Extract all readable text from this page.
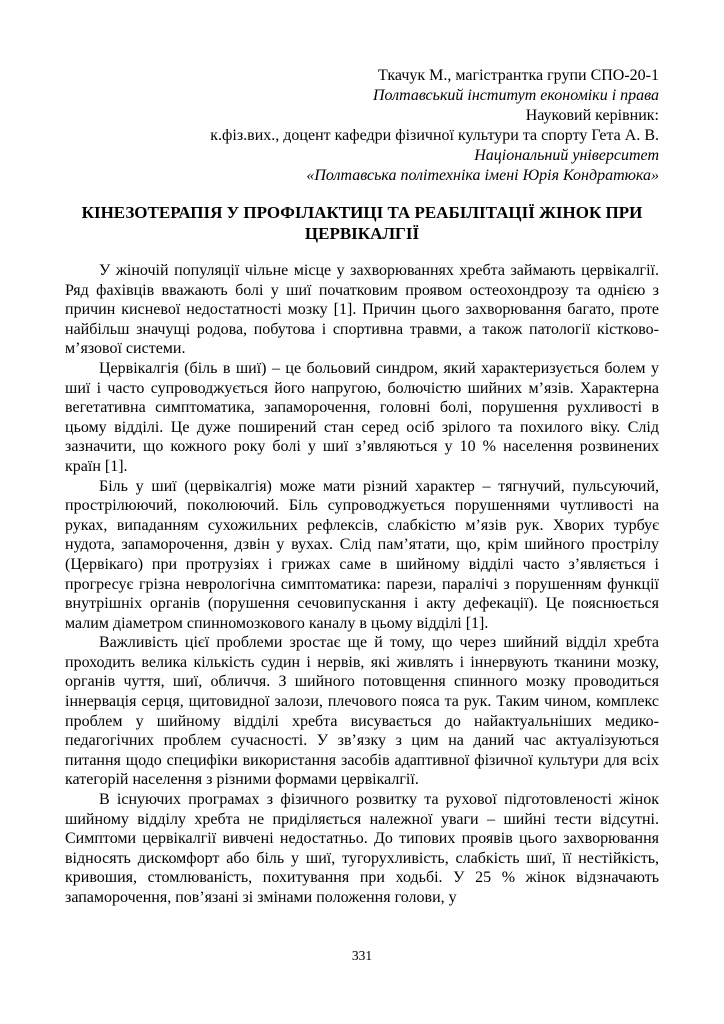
Ткачук М., магістрантка групи СПО-20-1
Полтавський інститут економіки і права
Науковий керівник:
к.фіз.вих., доцент кафедри фізичної культури та спорту Гета А. В.
Національний університет
«Полтавська політехніка імені Юрія Кондратюка»
КІНЕЗОТЕРАПІЯ У ПРОФІЛАКТИЦІ ТА РЕАБІЛІТАЦІЇ ЖІНОК ПРИ
ЦЕРВІКАЛГІЇ

У жіночій популяції чільне місце у захворюваннях хребта займають цервікалгії. Ряд фахівців вважають болі у шиї початковим проявом остеохондрозу та однією з причин кисневої недостатності мозку [1]. Причин цього захворювання багато, проте найбільш значущі родова, побутова і спортивна травми, а також патології кістково-м’язової системи.

Цервікалгія (біль в шиї) – це больовий синдром, який характеризується болем у шиї і часто супроводжується його напругою, болючістю шийних м’язів. Характерна вегетативна симптоматика, запаморочення, головні болі, порушення рухливості в цьому відділі. Це дуже поширений стан серед осіб зрілого та похилого віку. Слід зазначити, що кожного року болі у шиї з’являються у 10 % населення розвинених країн [1].

Біль у шиї (цервікалгія) може мати різний характер – тягнучий, пульсуючий, прострілюючий, поколюючий. Біль супроводжується порушеннями чутливості на руках, випаданням сухожильних рефлексів, слабкістю м’язів рук. Хворих турбує нудота, запаморочення, дзвін у вухах. Слід пам’ятати, що, крім шийного прострілу (Цервікаго) при протрузіях і грижах саме в шийному відділі часто з’являється і прогресує грізна неврологічна симптоматика: парези, паралічі з порушенням функції внутрішніх органів (порушення сечовипускання і акту дефекації). Це пояснюється малим діаметром спинномозкового каналу в цьому відділі [1].

Важливість цієї проблеми зростає ще й тому, що через шийний відділ хребта проходить велика кількість судин і нервів, які живлять і іннервують тканини мозку, органів чуття, шиї, обличчя. З шийного потовщення спинного мозку проводиться іннервація серця, щитовидної залози, плечового пояса та рук. Таким чином, комплекс проблем у шийному відділі хребта висувається до найактуальніших медико-педагогічних проблем сучасності. У зв’язку з цим на даний час актуалізуються питання щодо специфіки використання засобів адаптивної фізичної культури для всіх категорій населення з різними формами цервікалгії.

В існуючих програмах з фізичного розвитку та рухової підготовленості жінок шийному відділу хребта не приділяється належної уваги – шийні тести відсутні. Симптоми цервікалгії вивчені недостатньо. До типових проявів цього захворювання відносять дискомфорт або біль у шиї, тугорухливість, слабкість шиї, її нестійкість, кривошия, стомлюваність, похитування при ходьбі. У 25 % жінок відзначають запаморочення, пов’язані зі змінами положення голови, у

331
